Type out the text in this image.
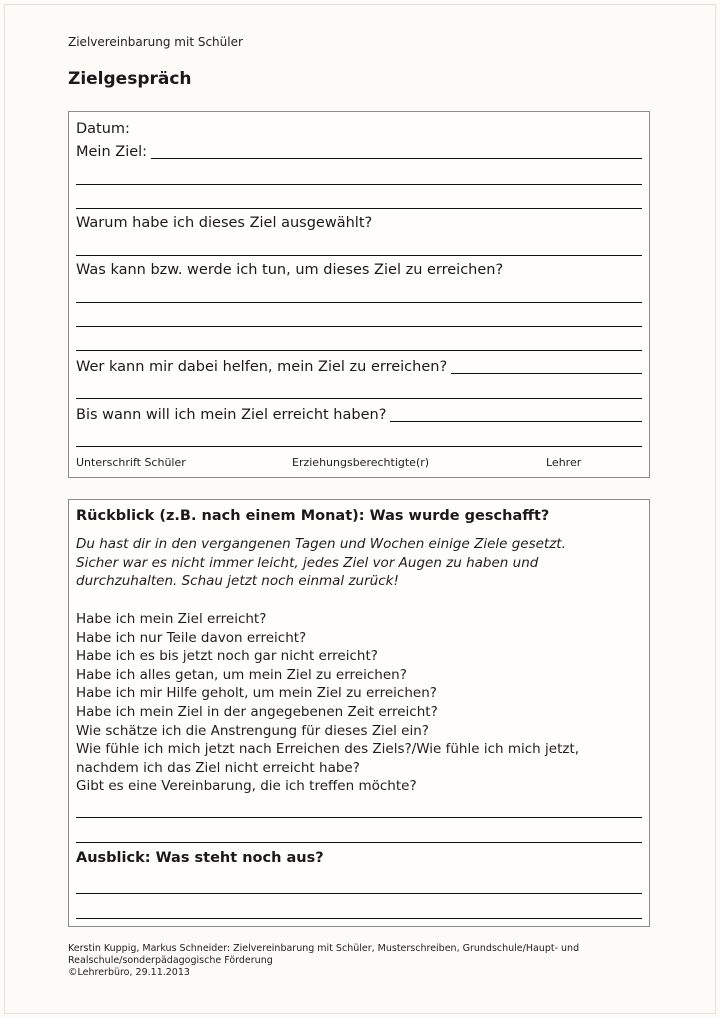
Zielvereinbarung mit Schüler
Zielgespräch
Datum:
Mein Ziel:
Warum habe ich dieses Ziel ausgewählt?
Was kann bzw. werde ich tun, um dieses Ziel zu erreichen?
Wer kann mir dabei helfen, mein Ziel zu erreichen?
Bis wann will ich mein Ziel erreicht haben?
Unterschrift Schüler	Erziehungsberechtigte(r)	Lehrer
Rückblick (z.B. nach einem Monat): Was wurde geschafft?
Du hast dir in den vergangenen Tagen und Wochen einige Ziele gesetzt.
Sicher war es nicht immer leicht, jedes Ziel vor Augen zu haben und
durchzuhalten. Schau jetzt noch einmal zurück!
Habe ich mein Ziel erreicht?
Habe ich nur Teile davon erreicht?
Habe ich es bis jetzt noch gar nicht erreicht?
Habe ich alles getan, um mein Ziel zu erreichen?
Habe ich mir Hilfe geholt, um mein Ziel zu erreichen?
Habe ich mein Ziel in der angegebenen Zeit erreicht?
Wie schätze ich die Anstrengung für dieses Ziel ein?
Wie fühle ich mich jetzt nach Erreichen des Ziels?/Wie fühle ich mich jetzt,
nachdem ich das Ziel nicht erreicht habe?
Gibt es eine Vereinbarung, die ich treffen möchte?
Ausblick: Was steht noch aus?
Kerstin Kuppig, Markus Schneider: Zielvereinbarung mit Schüler, Musterschreiben, Grundschule/Haupt- und
Realschule/sonderpädagogische Förderung
©Lehrerbüro, 29.11.2013
